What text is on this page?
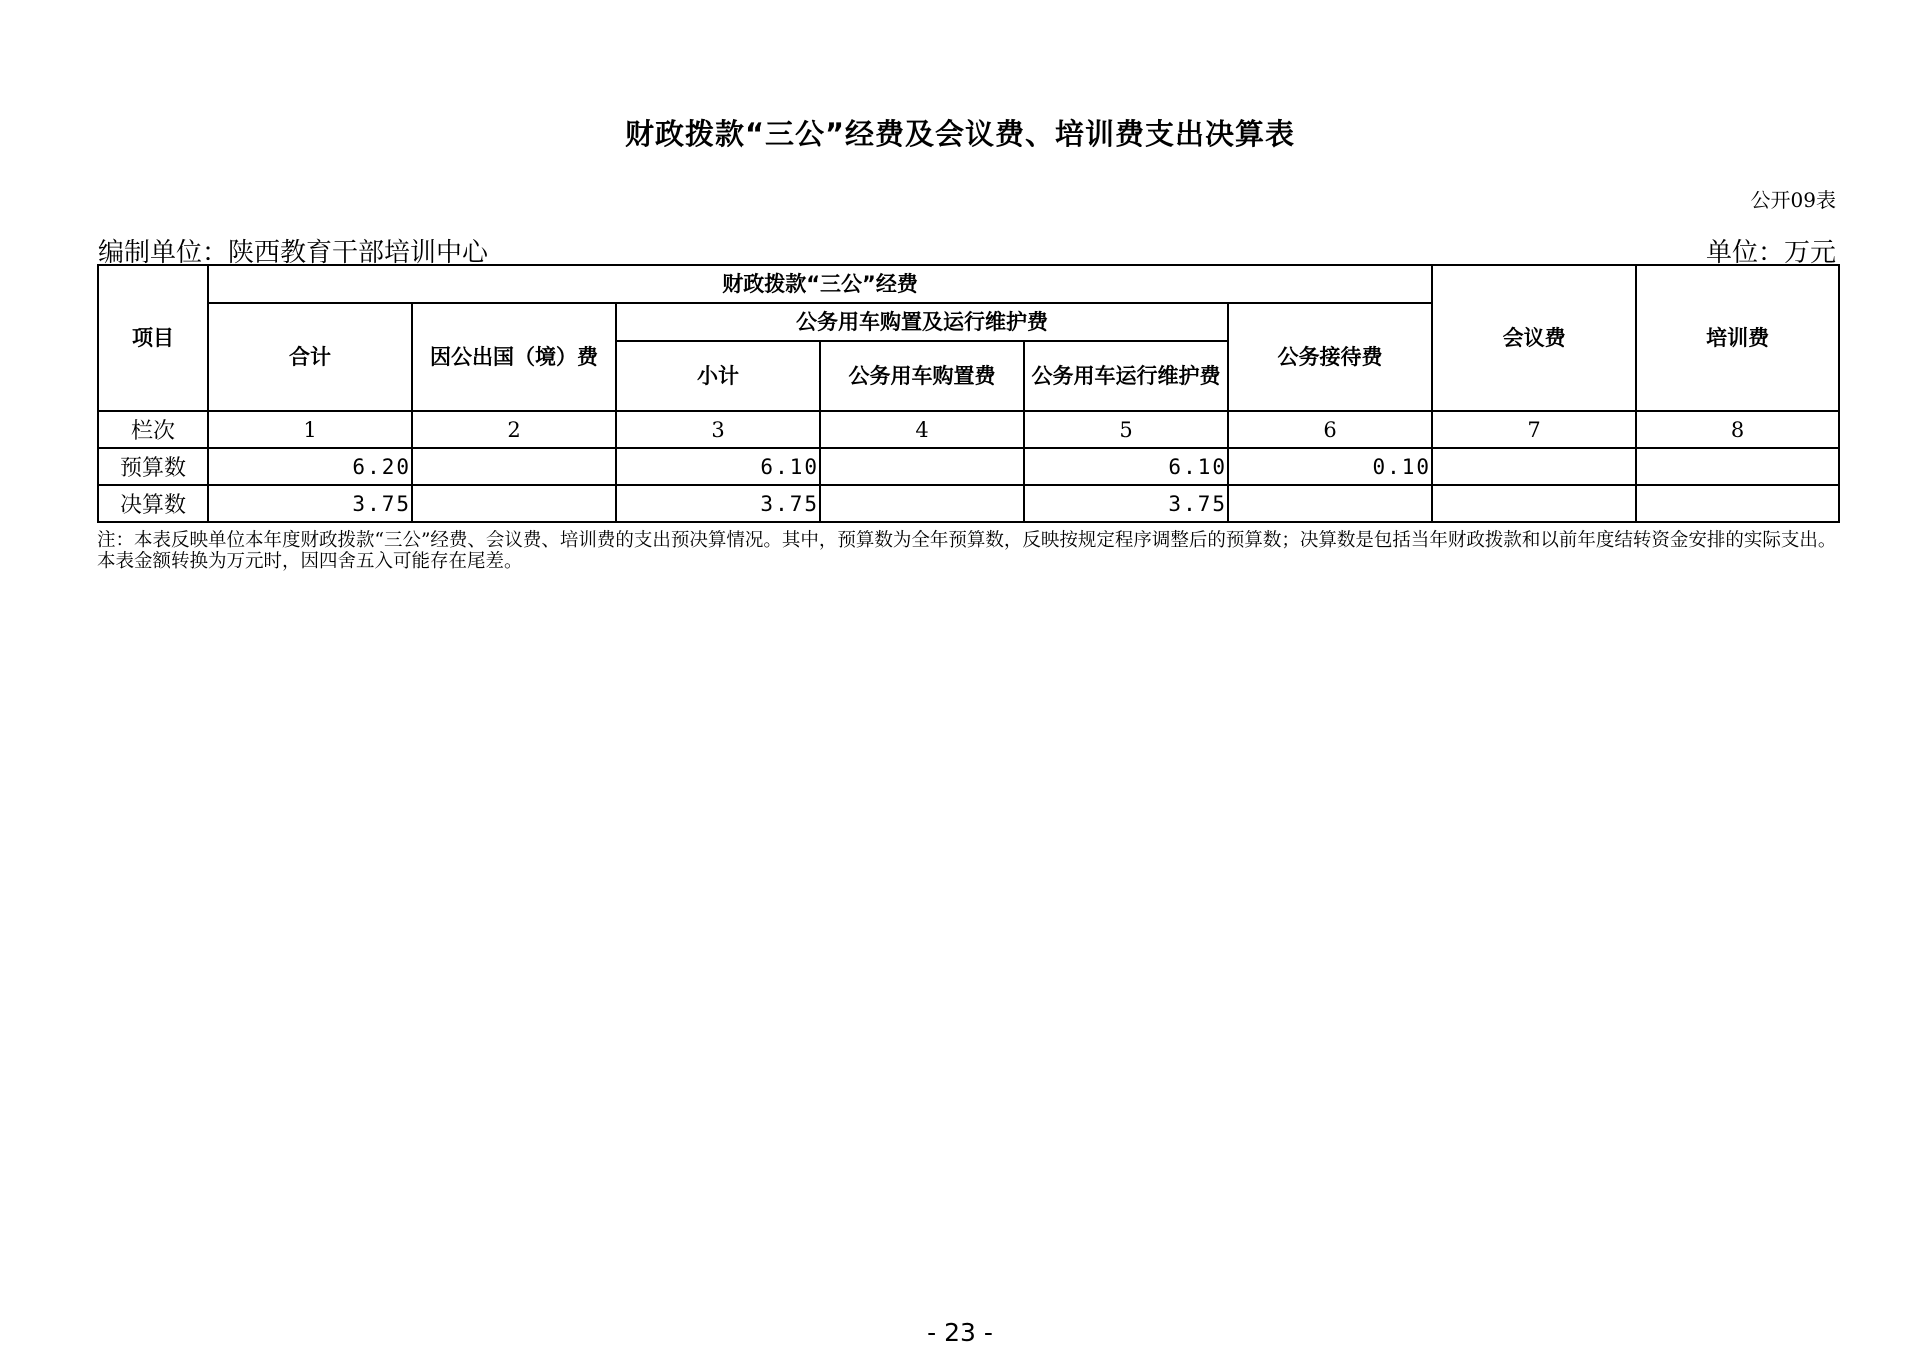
财政拨款“三公”经费及会议费、培训费支出决算表
公开09表
编制单位：陕西教育干部培训中心	单位：万元
项目	财政拨款“三公”经费						会议费	培训费
	合计	因公出国（境）费	公务用车购置及运行维护费			公务接待费		
			小计	公务用车购置费	公务用车运行维护费			

栏次	1	2	3	4	5	6	7	8
预算数	6.20		6.10		6.10	0.10		
决算数	3.75		3.75		3.75			
注：本表反映单位本年度财政拨款“三公”经费、会议费、培训费的支出预决算情况。其中，预算数为全年预算数，反映按规定程序调整后的预算数；决算数是包括当年财政拨款和以前年度结转资金安排的实际支出。本表金额转换为万元时，因四舍五入可能存在尾差。
- 23 -
